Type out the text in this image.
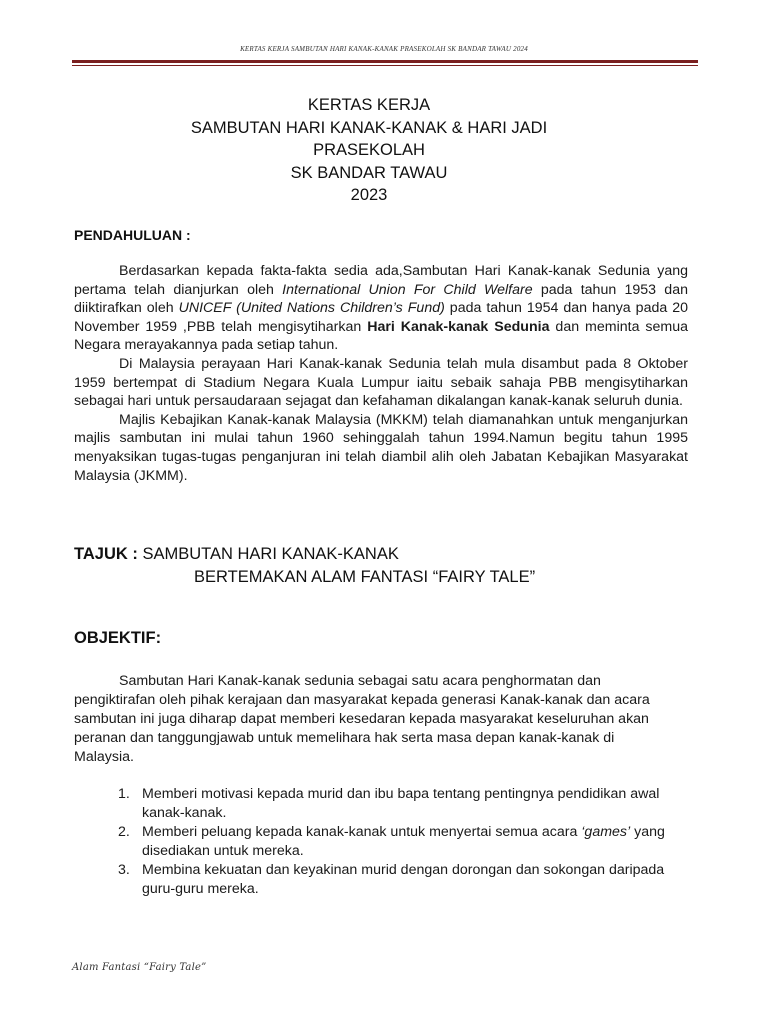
KERTAS KERJA SAMBUTAN HARI KANAK-KANAK PRASEKOLAH SK BANDAR TAWAU 2024
KERTAS KERJA
SAMBUTAN HARI KANAK-KANAK & HARI JADI
PRASEKOLAH
SK BANDAR TAWAU
2023
PENDAHULUAN :

Berdasarkan kepada fakta-fakta sedia ada,Sambutan Hari Kanak-kanak Sedunia yang pertama telah dianjurkan oleh International Union For Child Welfare pada tahun 1953 dan diiktirafkan oleh UNICEF (United Nations Children’s Fund) pada tahun 1954 dan hanya pada 20 November 1959 ,PBB telah mengisytiharkan Hari Kanak-kanak Sedunia dan meminta semua Negara merayakannya pada setiap tahun.

Di Malaysia perayaan Hari Kanak-kanak Sedunia telah mula disambut pada 8 Oktober 1959 bertempat di Stadium Negara Kuala Lumpur iaitu sebaik sahaja PBB mengisytiharkan sebagai hari untuk persaudaraan sejagat dan kefahaman dikalangan kanak-kanak seluruh dunia.

Majlis Kebajikan Kanak-kanak Malaysia (MKKM) telah diamanahkan untuk menganjurkan majlis sambutan ini mulai tahun 1960 sehinggalah tahun 1994.Namun begitu tahun 1995 menyaksikan tugas-tugas penganjuran ini telah diambil alih oleh Jabatan Kebajikan Masyarakat Malaysia (JKMM).

TAJUK : SAMBUTAN HARI KANAK-KANAK
BERTEMAKAN ALAM FANTASI “FAIRY TALE”
OBJEKTIF:

Sambutan Hari Kanak-kanak sedunia sebagai satu acara penghormatan dan pengiktirafan oleh pihak kerajaan dan masyarakat kepada generasi Kanak-kanak dan acara sambutan ini juga diharap dapat memberi kesedaran kepada masyarakat keseluruhan akan peranan dan tanggungjawab untuk memelihara hak serta masa depan kanak-kanak di Malaysia.

1. Memberi motivasi kepada murid dan ibu bapa tentang pentingnya pendidikan awal kanak-kanak.
2. Memberi peluang kepada kanak-kanak untuk menyertai semua acara ‘games’ yang disediakan untuk mereka.
3. Membina kekuatan dan keyakinan murid dengan dorongan dan sokongan daripada guru-guru mereka.
Alam Fantasi “Fairy Tale”
